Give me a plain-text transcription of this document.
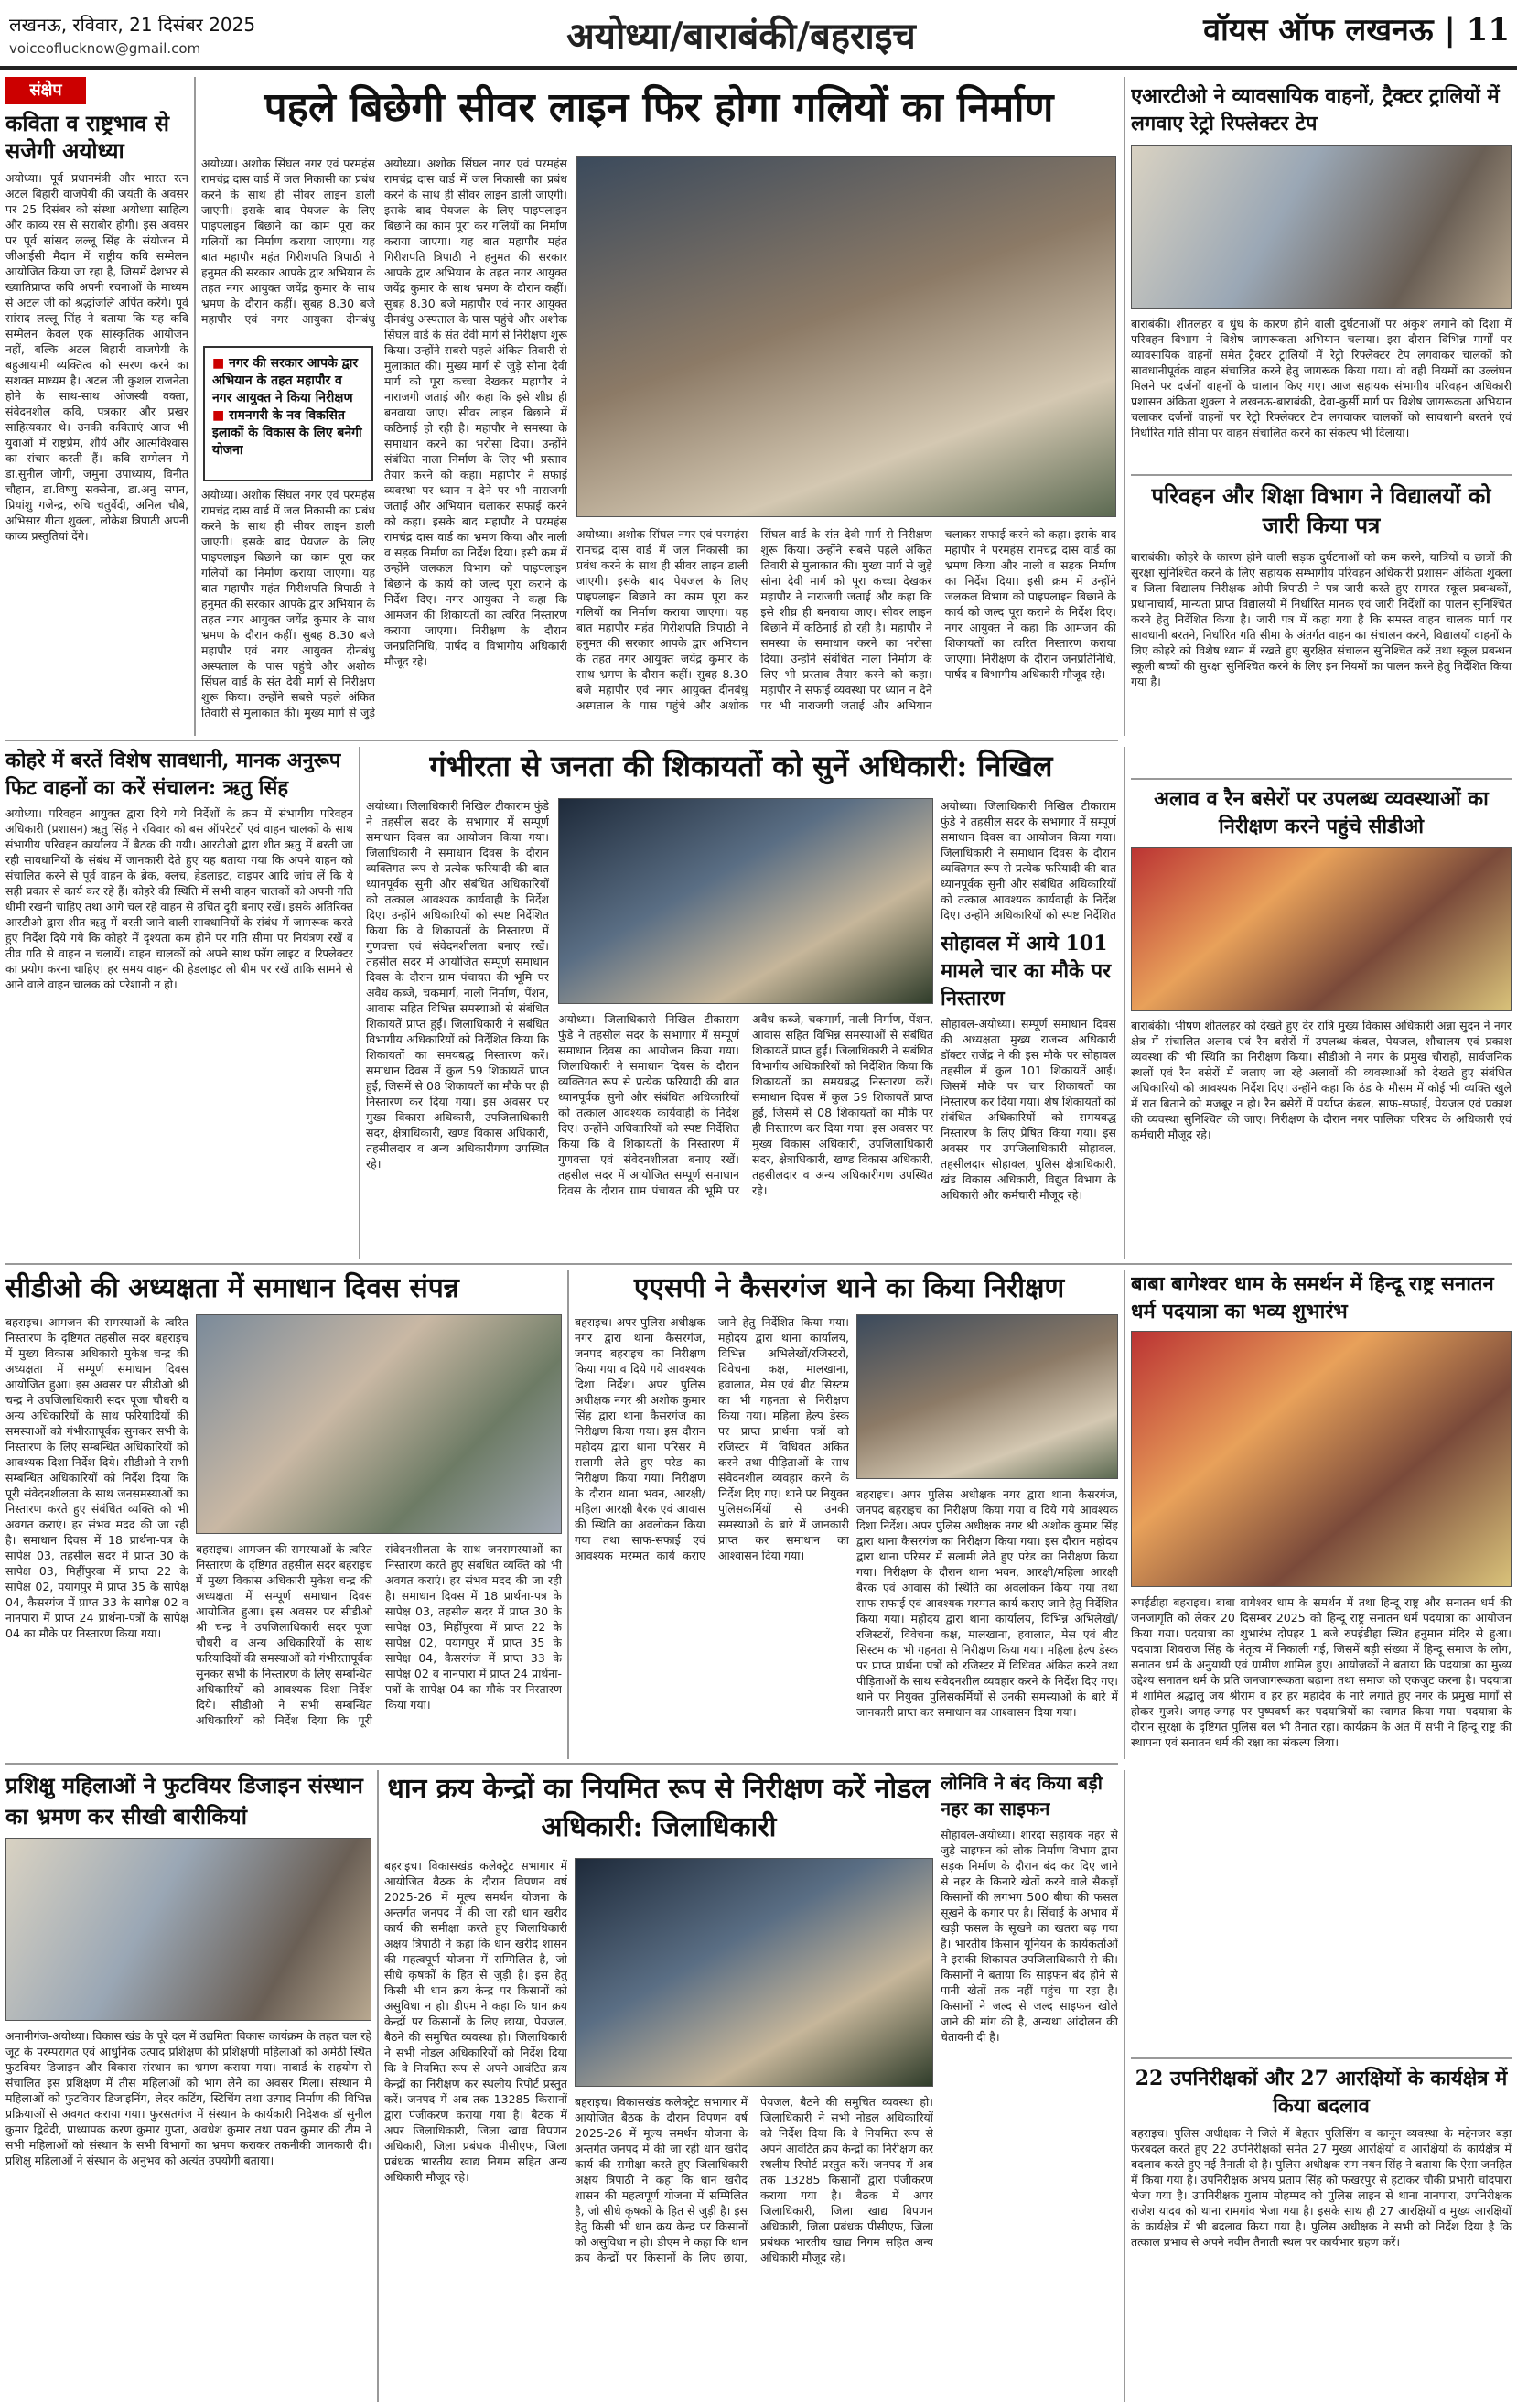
लखनऊ, रविवार, 21 दिसंबर 2025
voiceoflucknow@gmail.com	अयोध्या/बाराबंकी/बहराइच	वॉयस ऑफ लखनऊ | 11
संक्षेप
कविता व राष्ट्रभाव से सजेगी अयोध्या
अयोध्या। पूर्व प्रधानमंत्री और भारत रत्न अटल बिहारी वाजपेयी की जयंती के अवसर पर 25 दिसंबर को संस्था अयोध्या साहित्य और काव्य रस से सराबोर होगी। इस अवसर पर पूर्व सांसद लल्लू सिंह के संयोजन में जीआईसी मैदान में राष्ट्रीय कवि सम्मेलन आयोजित किया जा रहा है, जिसमें देशभर से ख्यातिप्राप्त कवि अपनी रचनाओं के माध्यम से अटल जी को श्रद्धांजलि अर्पित करेंगे। पूर्व सांसद लल्लू सिंह ने बताया कि यह कवि सम्मेलन केवल एक सांस्कृतिक आयोजन नहीं, बल्कि अटल बिहारी वाजपेयी के बहुआयामी व्यक्तित्व को स्मरण करने का सशक्त माध्यम है। अटल जी कुशल राजनेता होने के साथ-साथ ओजस्वी वक्ता, संवेदनशील कवि, पत्रकार और प्रखर साहित्यकार थे। उनकी कविताएं आज भी युवाओं में राष्ट्रप्रेम, शौर्य और आत्मविश्वास का संचार करती हैं। कवि सम्मेलन में डा.सुनील जोगी, जमुना उपाध्याय, विनीत चौहान, डा.विष्णु सक्सेना, डा.अनु सपन, प्रियांशु गजेन्द्र, रुचि चतुर्वेदी, अनिल चौबे, अभिसार गीता शुक्ला, लोकेश त्रिपाठी अपनी काव्य प्रस्तुतियां देंगे।
पहले बिछेगी सीवर लाइन फिर होगा गलियों का निर्माण
अयोध्या। अशोक सिंघल नगर एवं परमहंस रामचंद्र दास वार्ड में जल निकासी का प्रबंध करने के साथ ही सीवर लाइन डाली जाएगी। इसके बाद पेयजल के लिए पाइपलाइन बिछाने का काम पूरा कर गलियों का निर्माण कराया जाएगा। यह बात महापौर महंत गिरीशपति त्रिपाठी ने हनुमत की सरकार आपके द्वार अभियान के तहत नगर आयुक्त जयेंद्र कुमार के साथ भ्रमण के दौरान कहीं। सुबह 8.30 बजे महापौर एवं नगर आयुक्त दीनबंधु
■ नगर की सरकार आपके द्वार अभियान के तहत महापौर व नगर आयुक्त ने किया निरीक्षण
■ रामनगरी के नव विकसित इलाकों के विकास के लिए बनेगी योजना
अयोध्या। अशोक सिंघल नगर एवं परमहंस रामचंद्र दास वार्ड में जल निकासी का प्रबंध करने के साथ ही सीवर लाइन डाली जाएगी। इसके बाद पेयजल के लिए पाइपलाइन बिछाने का काम पूरा कर गलियों का निर्माण कराया जाएगा। यह बात महापौर महंत गिरीशपति त्रिपाठी ने हनुमत की सरकार आपके द्वार अभियान के तहत नगर आयुक्त जयेंद्र कुमार के साथ भ्रमण के दौरान कहीं। सुबह 8.30 बजे महापौर एवं नगर आयुक्त दीनबंधु अस्पताल के पास पहुंचे और अशोक सिंघल वार्ड के संत देवी मार्ग से निरीक्षण शुरू किया। उन्होंने सबसे पहले अंकित तिवारी से मुलाकात की। मुख्य मार्ग से जुड़े
अयोध्या। अशोक सिंघल नगर एवं परमहंस रामचंद्र दास वार्ड में जल निकासी का प्रबंध करने के साथ ही सीवर लाइन डाली जाएगी। इसके बाद पेयजल के लिए पाइपलाइन बिछाने का काम पूरा कर गलियों का निर्माण कराया जाएगा। यह बात महापौर महंत गिरीशपति त्रिपाठी ने हनुमत की सरकार आपके द्वार अभियान के तहत नगर आयुक्त जयेंद्र कुमार के साथ भ्रमण के दौरान कहीं। सुबह 8.30 बजे महापौर एवं नगर आयुक्त दीनबंधु अस्पताल के पास पहुंचे और अशोक सिंघल वार्ड के संत देवी मार्ग से निरीक्षण शुरू किया। उन्होंने सबसे पहले अंकित तिवारी से मुलाकात की। मुख्य मार्ग से जुड़े सोना देवी मार्ग को पूरा कच्चा देखकर महापौर ने नाराजगी जताई और कहा कि इसे शीघ्र ही बनवाया जाए। सीवर लाइन बिछाने में कठिनाई हो रही है। महापौर ने समस्या के समाधान करने का भरोसा दिया। उन्होंने संबंधित नाला निर्माण के लिए भी प्रस्ताव तैयार करने को कहा। महापौर ने सफाई व्यवस्था पर ध्यान न देने पर भी नाराजगी जताई और अभियान चलाकर सफाई करने को कहा। इसके बाद महापौर ने परमहंस रामचंद्र दास वार्ड का भ्रमण किया और नाली व सड़क निर्माण का निर्देश दिया। इसी क्रम में उन्होंने जलकल विभाग को पाइपलाइन बिछाने के कार्य को जल्द पूरा कराने के निर्देश दिए। नगर आयुक्त ने कहा कि आमजन की शिकायतों का त्वरित निस्तारण कराया जाएगा। निरीक्षण के दौरान जनप्रतिनिधि, पार्षद व विभागीय अधिकारी मौजूद रहे।
अयोध्या। अशोक सिंघल नगर एवं परमहंस रामचंद्र दास वार्ड में जल निकासी का प्रबंध करने के साथ ही सीवर लाइन डाली जाएगी। इसके बाद पेयजल के लिए पाइपलाइन बिछाने का काम पूरा कर गलियों का निर्माण कराया जाएगा। यह बात महापौर महंत गिरीशपति त्रिपाठी ने हनुमत की सरकार आपके द्वार अभियान के तहत नगर आयुक्त जयेंद्र कुमार के साथ भ्रमण के दौरान कहीं। सुबह 8.30 बजे महापौर एवं नगर आयुक्त दीनबंधु अस्पताल के पास पहुंचे और अशोक सिंघल वार्ड के संत देवी मार्ग से निरीक्षण शुरू किया। उन्होंने सबसे पहले अंकित तिवारी से मुलाकात की। मुख्य मार्ग से जुड़े सोना देवी मार्ग को पूरा कच्चा देखकर महापौर ने नाराजगी जताई और कहा कि इसे शीघ्र ही बनवाया जाए। सीवर लाइन बिछाने में कठिनाई हो रही है। महापौर ने समस्या के समाधान करने का भरोसा दिया। उन्होंने संबंधित नाला निर्माण के लिए भी प्रस्ताव तैयार करने को कहा। महापौर ने सफाई व्यवस्था पर ध्यान न देने पर भी नाराजगी जताई और अभियान चलाकर सफाई करने को कहा। इसके बाद महापौर ने परमहंस रामचंद्र दास वार्ड का भ्रमण किया और नाली व सड़क निर्माण का निर्देश दिया। इसी क्रम में उन्होंने जलकल विभाग को पाइपलाइन बिछाने के कार्य को जल्द पूरा कराने के निर्देश दिए। नगर आयुक्त ने कहा कि आमजन की शिकायतों का त्वरित निस्तारण कराया जाएगा। निरीक्षण के दौरान जनप्रतिनिधि, पार्षद व विभागीय अधिकारी मौजूद रहे।
एआरटीओ ने व्यावसायिक वाहनों, ट्रैक्टर ट्रालियों में लगवाए रेट्रो रिफ्लेक्टर टेप
बाराबंकी। शीतलहर व धुंध के कारण होने वाली दुर्घटनाओं पर अंकुश लगाने को दिशा में परिवहन विभाग ने विशेष जागरूकता अभियान चलाया। इस दौरान विभिन्न मार्गों पर व्यावसायिक वाहनों समेत ट्रैक्टर ट्रालियों में रेट्रो रिफ्लेक्टर टेप लगवाकर चालकों को सावधानीपूर्वक वाहन संचालित करने हेतु जागरूक किया गया। वो वही नियमों का उल्लंघन मिलने पर दर्जनों वाहनों के चालान किए गए। आज सहायक संभागीय परिवहन अधिकारी प्रशासन अंकिता शुक्ला ने लखनऊ-बाराबंकी, देवा-कुर्सी मार्ग पर विशेष जागरूकता अभियान चलाकर दर्जनों वाहनों पर रेट्रो रिफ्लेक्टर टेप लगवाकर चालकों को सावधानी बरतने एवं निर्धारित गति सीमा पर वाहन संचालित करने का संकल्प भी दिलाया।
परिवहन और शिक्षा विभाग ने विद्यालयों को जारी किया पत्र
बाराबंकी। कोहरे के कारण होने वाली सड़क दुर्घटनाओं को कम करने, यात्रियों व छात्रों की सुरक्षा सुनिश्चित करने के लिए सहायक सम्भागीय परिवहन अधिकारी प्रशासन अंकिता शुक्ला व जिला विद्यालय निरीक्षक ओपी त्रिपाठी ने पत्र जारी करते हुए समस्त स्कूल प्रबन्धकों, प्रधानाचार्य, मान्यता प्राप्त विद्यालयों में निर्धारित मानक एवं जारी निर्देशों का पालन सुनिश्चित करने हेतु निर्देशित किया है। जारी पत्र में कहा गया है कि समस्त वाहन चालक मार्ग पर सावधानी बरतने, निर्धारित गति सीमा के अंतर्गत वाहन का संचालन करने, विद्यालयों वाहनों के लिए कोहरे को विशेष ध्यान में रखते हुए सुरक्षित संचालन सुनिश्चित करें तथा स्कूल प्रबन्धन स्कूली बच्चों की सुरक्षा सुनिश्चित करने के लिए इन नियमों का पालन करने हेतु निर्देशित किया गया है।
कोहरे में बरतें विशेष सावधानी, मानक अनुरूप फिट वाहनों का करें संचालन: ऋतु सिंह
अयोध्या। परिवहन आयुक्त द्वारा दिये गये निर्देशों के क्रम में संभागीय परिवहन अधिकारी (प्रशासन) ऋतु सिंह ने रविवार को बस ऑपरेटरों एवं वाहन चालकों के साथ संभागीय परिवहन कार्यालय में बैठक की गयी। आरटीओ द्वारा शीत ऋतु में बरती जा रही सावधानियों के संबंध में जानकारी देते हुए यह बताया गया कि अपने वाहन को संचालित करने से पूर्व वाहन के ब्रेक, क्लच, हेडलाइट, वाइपर आदि जांच लें कि ये सही प्रकार से कार्य कर रहे हैं। कोहरे की स्थिति में सभी वाहन चालकों को अपनी गति धीमी रखनी चाहिए तथा आगे चल रहे वाहन से उचित दूरी बनाए रखें। इसके अतिरिक्त आरटीओ द्वारा शीत ऋतु में बरती जाने वाली सावधानियों के संबंध में जागरूक करते हुए निर्देश दिये गये कि कोहरे में दृश्यता कम होने पर गति सीमा पर नियंत्रण रखें व तीव्र गति से वाहन न चलायें। वाहन चालकों को अपने साथ फॉग लाइट व रिफ्लेक्टर का प्रयोग करना चाहिए। हर समय वाहन की हेडलाइट लो बीम पर रखें ताकि सामने से आने वाले वाहन चालक को परेशानी न हो।
गंभीरता से जनता की शिकायतों को सुनें अधिकारी: निखिल
अयोध्या। जिलाधिकारी निखिल टीकाराम फुंडे ने तहसील सदर के सभागार में सम्पूर्ण समाधान दिवस का आयोजन किया गया। जिलाधिकारी ने समाधान दिवस के दौरान व्यक्तिगत रूप से प्रत्येक फरियादी की बात ध्यानपूर्वक सुनी और संबंधित अधिकारियों को तत्काल आवश्यक कार्यवाही के निर्देश दिए। उन्होंने अधिकारियों को स्पष्ट निर्देशित किया कि वे शिकायतों के निस्तारण में गुणवत्ता एवं संवेदनशीलता बनाए रखें। तहसील सदर में आयोजित सम्पूर्ण समाधान दिवस के दौरान ग्राम पंचायत की भूमि पर अवैध कब्जे, चकमार्ग, नाली निर्माण, पेंशन, आवास सहित विभिन्न समस्याओं से संबंधित शिकायतें प्राप्त हुईं। जिलाधिकारी ने सबंधित विभागीय अधिकारियों को निर्देशित किया कि शिकायतों का समयबद्ध निस्तारण करें। समाधान दिवस में कुल 59 शिकायतें प्राप्त हुईं, जिसमें से 08 शिकायतों का मौके पर ही निस्तारण कर दिया गया। इस अवसर पर मुख्य विकास अधिकारी, उपजिलाधिकारी सदर, क्षेत्राधिकारी, खण्ड विकास अधिकारी, तहसीलदार व अन्य अधिकारीगण उपस्थित रहे।
अयोध्या। जिलाधिकारी निखिल टीकाराम फुंडे ने तहसील सदर के सभागार में सम्पूर्ण समाधान दिवस का आयोजन किया गया। जिलाधिकारी ने समाधान दिवस के दौरान व्यक्तिगत रूप से प्रत्येक फरियादी की बात ध्यानपूर्वक सुनी और संबंधित अधिकारियों को तत्काल आवश्यक कार्यवाही के निर्देश दिए। उन्होंने अधिकारियों को स्पष्ट निर्देशित किया कि वे शिकायतों के निस्तारण में गुणवत्ता एवं संवेदनशीलता बनाए रखें। तहसील सदर में आयोजित सम्पूर्ण समाधान दिवस के दौरान ग्राम पंचायत की भूमि पर अवैध कब्जे, चकमार्ग, नाली निर्माण, पेंशन, आवास सहित विभिन्न समस्याओं से संबंधित शिकायतें प्राप्त हुईं। जिलाधिकारी ने सबंधित विभागीय अधिकारियों को निर्देशित किया कि शिकायतों का समयबद्ध निस्तारण करें। समाधान दिवस में कुल 59 शिकायतें प्राप्त हुईं, जिसमें से 08 शिकायतों का मौके पर ही निस्तारण कर दिया गया। इस अवसर पर मुख्य विकास अधिकारी, उपजिलाधिकारी सदर, क्षेत्राधिकारी, खण्ड विकास अधिकारी, तहसीलदार व अन्य अधिकारीगण उपस्थित रहे।
अयोध्या। जिलाधिकारी निखिल टीकाराम फुंडे ने तहसील सदर के सभागार में सम्पूर्ण समाधान दिवस का आयोजन किया गया। जिलाधिकारी ने समाधान दिवस के दौरान व्यक्तिगत रूप से प्रत्येक फरियादी की बात ध्यानपूर्वक सुनी और संबंधित अधिकारियों को तत्काल आवश्यक कार्यवाही के निर्देश दिए। उन्होंने अधिकारियों को स्पष्ट निर्देशित
सोहावल में आये 101 मामले चार का मौके पर निस्तारण
सोहावल-अयोध्या। सम्पूर्ण समाधान दिवस की अध्यक्षता मुख्य राजस्व अधिकारी डॉक्टर राजेंद्र ने की इस मौके पर सोहावल तहसील में कुल 101 शिकायतें आई। जिसमें मौके पर चार शिकायतों का निस्तारण कर दिया गया। शेष शिकायतों को संबंधित अधिकारियों को समयबद्ध निस्तारण के लिए प्रेषित किया गया। इस अवसर पर उपजिलाधिकारी सोहावल, तहसीलदार सोहावल, पुलिस क्षेत्राधिकारी, खंड विकास अधिकारी, विद्युत विभाग के अधिकारी और कर्मचारी मौजूद रहे।
अलाव व रैन बसेरों पर उपलब्ध व्यवस्थाओं का निरीक्षण करने पहुंचे सीडीओ
बाराबंकी। भीषण शीतलहर को देखते हुए देर रात्रि मुख्य विकास अधिकारी अन्ना सुदन ने नगर क्षेत्र में संचालित अलाव एवं रैन बसेरों में उपलब्ध कंबल, पेयजल, शौचालय एवं प्रकाश व्यवस्था की भी स्थिति का निरीक्षण किया। सीडीओ ने नगर के प्रमुख चौराहों, सार्वजनिक स्थलों एवं रैन बसेरों में जलाए जा रहे अलावों की व्यवस्थाओं को देखते हुए संबंधित अधिकारियों को आवश्यक निर्देश दिए। उन्होंने कहा कि ठंड के मौसम में कोई भी व्यक्ति खुले में रात बिताने को मजबूर न हो। रैन बसेरों में पर्याप्त कंबल, साफ-सफाई, पेयजल एवं प्रकाश की व्यवस्था सुनिश्चित की जाए। निरीक्षण के दौरान नगर पालिका परिषद के अधिकारी एवं कर्मचारी मौजूद रहे।
सीडीओ की अध्यक्षता में समाधान दिवस संपन्न
बहराइच। आमजन की समस्याओं के त्वरित निस्तारण के दृष्टिगत तहसील सदर बहराइच में मुख्य विकास अधिकारी मुकेश चन्द्र की अध्यक्षता में सम्पूर्ण समाधान दिवस आयोजित हुआ। इस अवसर पर सीडीओ श्री चन्द्र ने उपजिलाधिकारी सदर पूजा चौधरी व अन्य अधिकारियों के साथ फरियादियों की समस्याओं को गंभीरतापूर्वक सुनकर सभी के निस्तारण के लिए सम्बन्धित अधिकारियों को आवश्यक दिशा निर्देश दिये। सीडीओ ने सभी सम्बन्धित अधिकारियों को निर्देश दिया कि पूरी संवेदनशीलता के साथ जनसमस्याओं का निस्तारण करते हुए संबंधित व्यक्ति को भी अवगत कराएं। हर संभव मदद की जा रही है। समाधान दिवस में 18 प्रार्थना-पत्र के सापेक्ष 03, तहसील सदर में प्राप्त 30 के सापेक्ष 03, मिहींपुरवा में प्राप्त 22 के सापेक्ष 02, पयागपुर में प्राप्त 35 के सापेक्ष 04, कैसरगंज में प्राप्त 33 के सापेक्ष 02 व नानपारा में प्राप्त 24 प्रार्थना-पत्रों के सापेक्ष 04 का मौके पर निस्तारण किया गया।
बहराइच। आमजन की समस्याओं के त्वरित निस्तारण के दृष्टिगत तहसील सदर बहराइच में मुख्य विकास अधिकारी मुकेश चन्द्र की अध्यक्षता में सम्पूर्ण समाधान दिवस आयोजित हुआ। इस अवसर पर सीडीओ श्री चन्द्र ने उपजिलाधिकारी सदर पूजा चौधरी व अन्य अधिकारियों के साथ फरियादियों की समस्याओं को गंभीरतापूर्वक सुनकर सभी के निस्तारण के लिए सम्बन्धित अधिकारियों को आवश्यक दिशा निर्देश दिये। सीडीओ ने सभी सम्बन्धित अधिकारियों को निर्देश दिया कि पूरी संवेदनशीलता के साथ जनसमस्याओं का निस्तारण करते हुए संबंधित व्यक्ति को भी अवगत कराएं। हर संभव मदद की जा रही है। समाधान दिवस में 18 प्रार्थना-पत्र के सापेक्ष 03, तहसील सदर में प्राप्त 30 के सापेक्ष 03, मिहींपुरवा में प्राप्त 22 के सापेक्ष 02, पयागपुर में प्राप्त 35 के सापेक्ष 04, कैसरगंज में प्राप्त 33 के सापेक्ष 02 व नानपारा में प्राप्त 24 प्रार्थना-पत्रों के सापेक्ष 04 का मौके पर निस्तारण किया गया।
एएसपी ने कैसरगंज थाने का किया निरीक्षण
बहराइच। अपर पुलिस अधीक्षक नगर द्वारा थाना कैसरगंज, जनपद बहराइच का निरीक्षण किया गया व दिये गये आवश्यक दिशा निर्देश। अपर पुलिस अधीक्षक नगर श्री अशोक कुमार सिंह द्वारा थाना कैसरगंज का निरीक्षण किया गया। इस दौरान महोदय द्वारा थाना परिसर में सलामी लेते हुए परेड का निरीक्षण किया गया। निरीक्षण के दौरान थाना भवन, आरक्षी/महिला आरक्षी बैरक एवं आवास की स्थिति का अवलोकन किया गया तथा साफ-सफाई एवं आवश्यक मरम्मत कार्य कराए जाने हेतु निर्देशित किया गया। महोदय द्वारा थाना कार्यालय, विभिन्न अभिलेखों/रजिस्टरों, विवेचना कक्ष, मालखाना, हवालात, मेस एवं बीट सिस्टम का भी गहनता से निरीक्षण किया गया। महिला हेल्प डेस्क पर प्राप्त प्रार्थना पत्रों को रजिस्टर में विधिवत अंकित करने तथा पीड़िताओं के साथ संवेदनशील व्यवहार करने के निर्देश दिए गए। थाने पर नियुक्त पुलिसकर्मियों से उनकी समस्याओं के बारे में जानकारी प्राप्त कर समाधान का आश्वासन दिया गया।
बहराइच। अपर पुलिस अधीक्षक नगर द्वारा थाना कैसरगंज, जनपद बहराइच का निरीक्षण किया गया व दिये गये आवश्यक दिशा निर्देश। अपर पुलिस अधीक्षक नगर श्री अशोक कुमार सिंह द्वारा थाना कैसरगंज का निरीक्षण किया गया। इस दौरान महोदय द्वारा थाना परिसर में सलामी लेते हुए परेड का निरीक्षण किया गया। निरीक्षण के दौरान थाना भवन, आरक्षी/महिला आरक्षी बैरक एवं आवास की स्थिति का अवलोकन किया गया तथा साफ-सफाई एवं आवश्यक मरम्मत कार्य कराए जाने हेतु निर्देशित किया गया। महोदय द्वारा थाना कार्यालय, विभिन्न अभिलेखों/रजिस्टरों, विवेचना कक्ष, मालखाना, हवालात, मेस एवं बीट सिस्टम का भी गहनता से निरीक्षण किया गया। महिला हेल्प डेस्क पर प्राप्त प्रार्थना पत्रों को रजिस्टर में विधिवत अंकित करने तथा पीड़िताओं के साथ संवेदनशील व्यवहार करने के निर्देश दिए गए। थाने पर नियुक्त पुलिसकर्मियों से उनकी समस्याओं के बारे में जानकारी प्राप्त कर समाधान का आश्वासन दिया गया।
बाबा बागेश्वर धाम के समर्थन में हिन्दू राष्ट्र सनातन धर्म पदयात्रा का भव्य शुभारंभ
रुपईडीहा बहराइच। बाबा बागेश्वर धाम के समर्थन में तथा हिन्दू राष्ट्र और सनातन धर्म की जनजागृति को लेकर 20 दिसम्बर 2025 को हिन्दू राष्ट्र सनातन धर्म पदयात्रा का आयोजन किया गया। पदयात्रा का शुभारंभ दोपहर 1 बजे रुपईडीहा स्थित हनुमान मंदिर से हुआ। पदयात्रा शिवराज सिंह के नेतृत्व में निकाली गई, जिसमें बड़ी संख्या में हिन्दू समाज के लोग, सनातन धर्म के अनुयायी एवं ग्रामीण शामिल हुए। आयोजकों ने बताया कि पदयात्रा का मुख्य उद्देश्य सनातन धर्म के प्रति जनजागरूकता बढ़ाना तथा समाज को एकजुट करना है। पदयात्रा में शामिल श्रद्धालु जय श्रीराम व हर हर महादेव के नारे लगाते हुए नगर के प्रमुख मार्गों से होकर गुजरे। जगह-जगह पर पुष्पवर्षा कर पदयात्रियों का स्वागत किया गया। पदयात्रा के दौरान सुरक्षा के दृष्टिगत पुलिस बल भी तैनात रहा। कार्यक्रम के अंत में सभी ने हिन्दू राष्ट्र की स्थापना एवं सनातन धर्म की रक्षा का संकल्प लिया।
प्रशिक्षु महिलाओं ने फुटवियर डिजाइन संस्थान का भ्रमण कर सीखी बारीकियां
अमानीगंज-अयोध्या। विकास खंड के पूरे दल में उद्यमिता विकास कार्यक्रम के तहत चल रहे जूट के परम्परागत एवं आधुनिक उत्पाद प्रशिक्षण की प्रशिक्षणी महिलाओं को अमेठी स्थित फुटवियर डिजाइन और विकास संस्थान का भ्रमण कराया गया। नाबार्ड के सहयोग से संचालित इस प्रशिक्षण में तीस महिलाओं को भाग लेने का अवसर मिला। संस्थान में महिलाओं को फुटवियर डिजाइनिंग, लेदर कटिंग, स्टिचिंग तथा उत्पाद निर्माण की विभिन्न प्रक्रियाओं से अवगत कराया गया। फुरसतगंज में संस्थान के कार्यकारी निदेशक डॉ सुनील कुमार द्विवेदी, प्राध्यापक करण कुमार गुप्ता, अवधेश कुमार तथा पवन कुमार की टीम ने सभी महिलाओं को संस्थान के सभी विभागों का भ्रमण कराकर तकनीकी जानकारी दी। प्रशिक्षु महिलाओं ने संस्थान के अनुभव को अत्यंत उपयोगी बताया।
धान क्रय केन्द्रों का नियमित रूप से निरीक्षण करें नोडल अधिकारी: जिलाधिकारी
बहराइच। विकासखंड कलेक्ट्रेट सभागार में आयोजित बैठक के दौरान विपणन वर्ष 2025-26 में मूल्य समर्थन योजना के अन्तर्गत जनपद में की जा रही धान खरीद कार्य की समीक्षा करते हुए जिलाधिकारी अक्षय त्रिपाठी ने कहा कि धान खरीद शासन की महत्वपूर्ण योजना में सम्मिलित है, जो सीधे कृषकों के हित से जुड़ी है। इस हेतु किसी भी धान क्रय केन्द्र पर किसानों को असुविधा न हो। डीएम ने कहा कि धान क्रय केन्द्रों पर किसानों के लिए छाया, पेयजल, बैठने की समुचित व्यवस्था हो। जिलाधिकारी ने सभी नोडल अधिकारियों को निर्देश दिया कि वे नियमित रूप से अपने आवंटित क्रय केन्द्रों का निरीक्षण कर स्थलीय रिपोर्ट प्रस्तुत करें। जनपद में अब तक 13285 किसानों द्वारा पंजीकरण कराया गया है। बैठक में अपर जिलाधिकारी, जिला खाद्य विपणन अधिकारी, जिला प्रबंधक पीसीएफ, जिला प्रबंधक भारतीय खाद्य निगम सहित अन्य अधिकारी मौजूद रहे।
बहराइच। विकासखंड कलेक्ट्रेट सभागार में आयोजित बैठक के दौरान विपणन वर्ष 2025-26 में मूल्य समर्थन योजना के अन्तर्गत जनपद में की जा रही धान खरीद कार्य की समीक्षा करते हुए जिलाधिकारी अक्षय त्रिपाठी ने कहा कि धान खरीद शासन की महत्वपूर्ण योजना में सम्मिलित है, जो सीधे कृषकों के हित से जुड़ी है। इस हेतु किसी भी धान क्रय केन्द्र पर किसानों को असुविधा न हो। डीएम ने कहा कि धान क्रय केन्द्रों पर किसानों के लिए छाया, पेयजल, बैठने की समुचित व्यवस्था हो। जिलाधिकारी ने सभी नोडल अधिकारियों को निर्देश दिया कि वे नियमित रूप से अपने आवंटित क्रय केन्द्रों का निरीक्षण कर स्थलीय रिपोर्ट प्रस्तुत करें। जनपद में अब तक 13285 किसानों द्वारा पंजीकरण कराया गया है। बैठक में अपर जिलाधिकारी, जिला खाद्य विपणन अधिकारी, जिला प्रबंधक पीसीएफ, जिला प्रबंधक भारतीय खाद्य निगम सहित अन्य अधिकारी मौजूद रहे।
लोनिवि ने बंद किया बड़ी नहर का साइफन
सोहावल-अयोध्या। शारदा सहायक नहर से जुड़े साइफन को लोक निर्माण विभाग द्वारा सड़क निर्माण के दौरान बंद कर दिए जाने से नहर के किनारे खेतों करने वाले सैकड़ों किसानों की लगभग 500 बीघा की फसल सूखने के कगार पर है। सिंचाई के अभाव में खड़ी फसल के सूखने का खतरा बढ़ गया है। भारतीय किसान यूनियन के कार्यकर्ताओं ने इसकी शिकायत उपजिलाधिकारी से की। किसानों ने बताया कि साइफन बंद होने से पानी खेतों तक नहीं पहुंच पा रहा है। किसानों ने जल्द से जल्द साइफन खोले जाने की मांग की है, अन्यथा आंदोलन की चेतावनी दी है।
22 उपनिरीक्षकों और 27 आरक्षियों के कार्यक्षेत्र में किया बदलाव
बहराइच। पुलिस अधीक्षक ने जिले में बेहतर पुलिसिंग व कानून व्यवस्था के मद्देनजर बड़ा फेरबदल करते हुए 22 उपनिरीक्षकों समेत 27 मुख्य आरक्षियों व आरक्षियों के कार्यक्षेत्र में बदलाव करते हुए नई तैनाती दी है। पुलिस अधीक्षक राम नयन सिंह ने बताया कि ऐसा जनहित में किया गया है। उपनिरीक्षक अभय प्रताप सिंह को फखरपुर से हटाकर चौकी प्रभारी चांदपारा भेजा गया है। उपनिरीक्षक गुलाम मोहम्मद को पुलिस लाइन से थाना नानपारा, उपनिरीक्षक राजेश यादव को थाना रामगांव भेजा गया है। इसके साथ ही 27 आरक्षियों व मुख्य आरक्षियों के कार्यक्षेत्र में भी बदलाव किया गया है। पुलिस अधीक्षक ने सभी को निर्देश दिया है कि तत्काल प्रभाव से अपने नवीन तैनाती स्थल पर कार्यभार ग्रहण करें।
